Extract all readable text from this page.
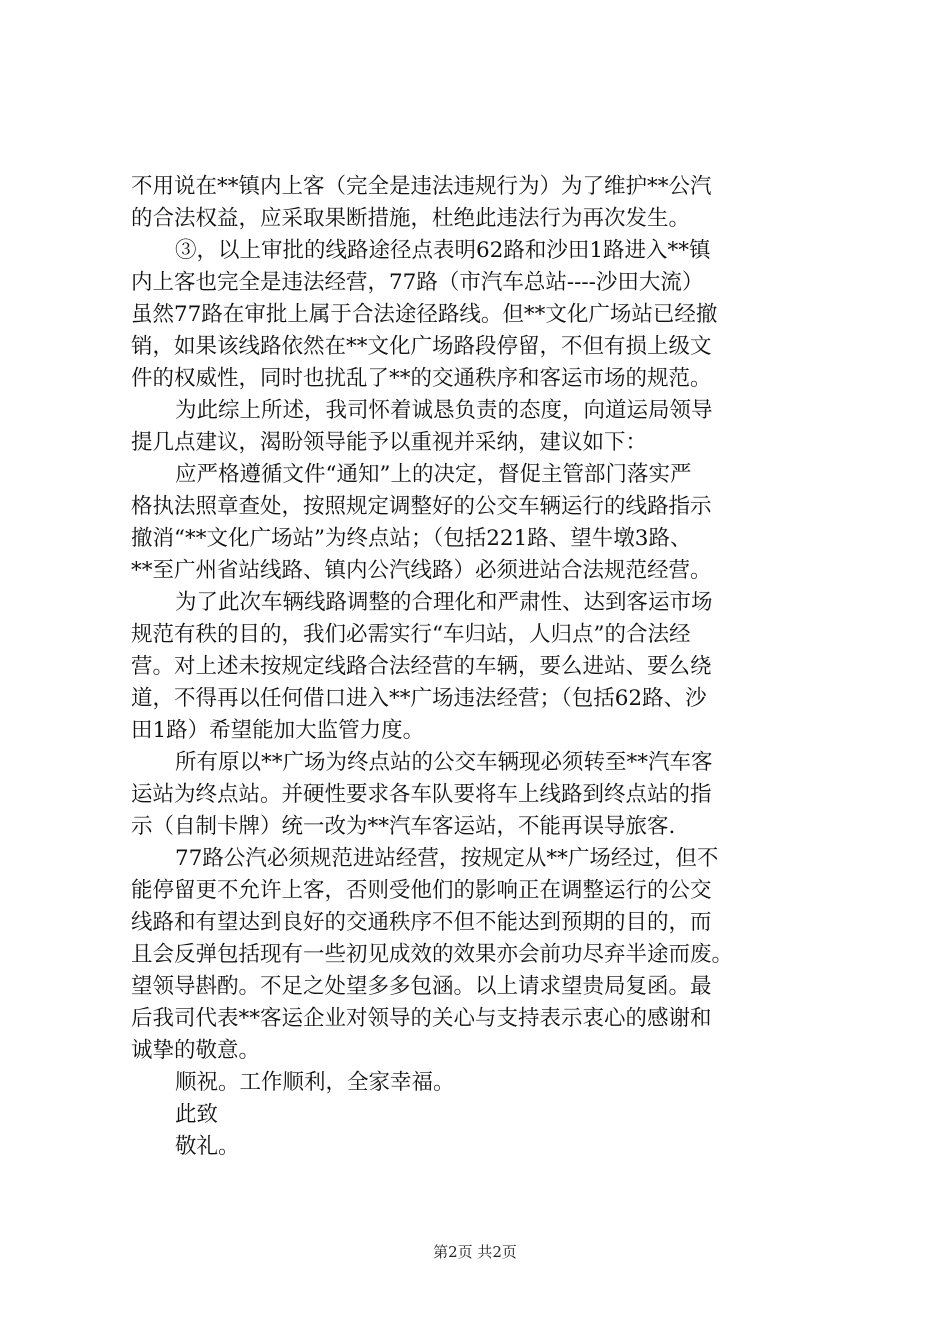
不用说在**镇内上客（完全是违法违规行为）为了维护**公汽
的合法权益，应采取果断措施，杜绝此违法行为再次发生。
③，以上审批的线路途径点表明62路和沙田1路进入**镇
内上客也完全是违法经营，77路（市汽车总站----沙田大流）
虽然77路在审批上属于合法途径路线。但**文化广场站已经撤
销，如果该线路依然在**文化广场路段停留，不但有损上级文
件的权威性，同时也扰乱了**的交通秩序和客运市场的规范。
为此综上所述，我司怀着诚恳负责的态度，向道运局领导
提几点建议，渴盼领导能予以重视并采纳，建议如下：
应严格遵循文件“通知”上的决定，督促主管部门落实严
格执法照章查处，按照规定调整好的公交车辆运行的线路指示
撤消“**文化广场站”为终点站；（包括221路、望牛墩3路、
**至广州省站线路、镇内公汽线路）必须进站合法规范经营。
为了此次车辆线路调整的合理化和严肃性、达到客运市场
规范有秩的目的，我们必需实行“车归站，人归点”的合法经
营。对上述未按规定线路合法经营的车辆，要么进站、要么绕
道，不得再以任何借口进入**广场违法经营；（包括62路、沙
田1路）希望能加大监管力度。
所有原以**广场为终点站的公交车辆现必须转至**汽车客
运站为终点站。并硬性要求各车队要将车上线路到终点站的指
示（自制卡牌）统一改为**汽车客运站，不能再误导旅客.
77路公汽必须规范进站经营，按规定从**广场经过，但不
能停留更不允许上客，否则受他们的影响正在调整运行的公交
线路和有望达到良好的交通秩序不但不能达到预期的目的，而
且会反弹包括现有一些初见成效的效果亦会前功尽弃半途而废。
望领导斟酌。不足之处望多多包涵。以上请求望贵局复函。最
后我司代表**客运企业对领导的关心与支持表示衷心的感谢和
诚挚的敬意。
顺祝。工作顺利，全家幸福。
此致
敬礼。
第2页 共2页
